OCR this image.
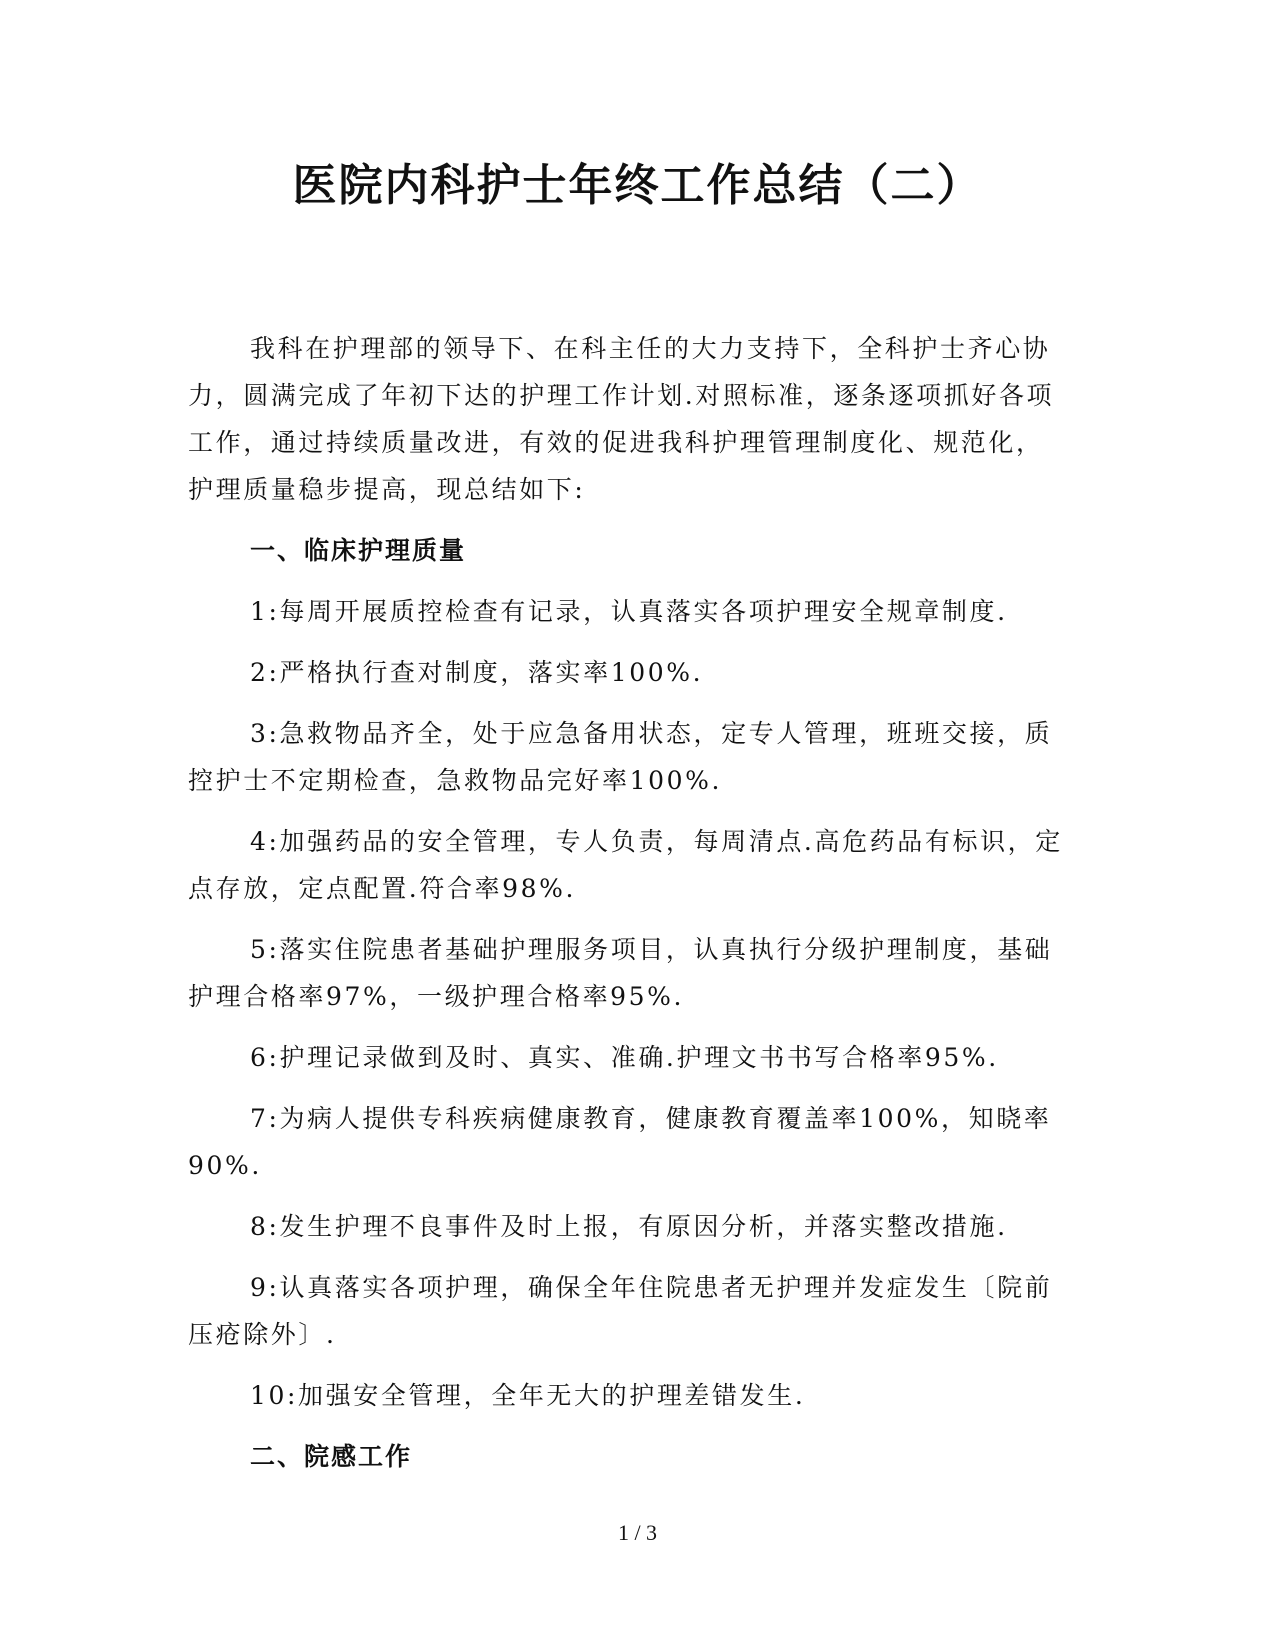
医院内科护士年终工作总结（二）

我科在护理部的领导下、在科主任的大力支持下，全科护士齐心协力，圆满完成了年初下达的护理工作计划.对照标准，逐条逐项抓好各项工作，通过持续质量改进，有效的促进我科护理管理制度化、规范化，护理质量稳步提高，现总结如下:

一、临床护理质量

1:每周开展质控检查有记录，认真落实各项护理安全规章制度.

2:严格执行查对制度，落实率100%.

3:急救物品齐全，处于应急备用状态，定专人管理，班班交接，质控护士不定期检查，急救物品完好率100%.

4:加强药品的安全管理，专人负责，每周清点.高危药品有标识，定点存放，定点配置.符合率98%.

5:落实住院患者基础护理服务项目，认真执行分级护理制度，基础护理合格率97%，一级护理合格率95%.

6:护理记录做到及时、真实、准确.护理文书书写合格率95%.

7:为病人提供专科疾病健康教育，健康教育覆盖率100%，知晓率90%.

8:发生护理不良事件及时上报，有原因分析，并落实整改措施.

9:认真落实各项护理，确保全年住院患者无护理并发症发生〔院前压疮除外〕.

10:加强安全管理，全年无大的护理差错发生.

二、院感工作

1 / 3
